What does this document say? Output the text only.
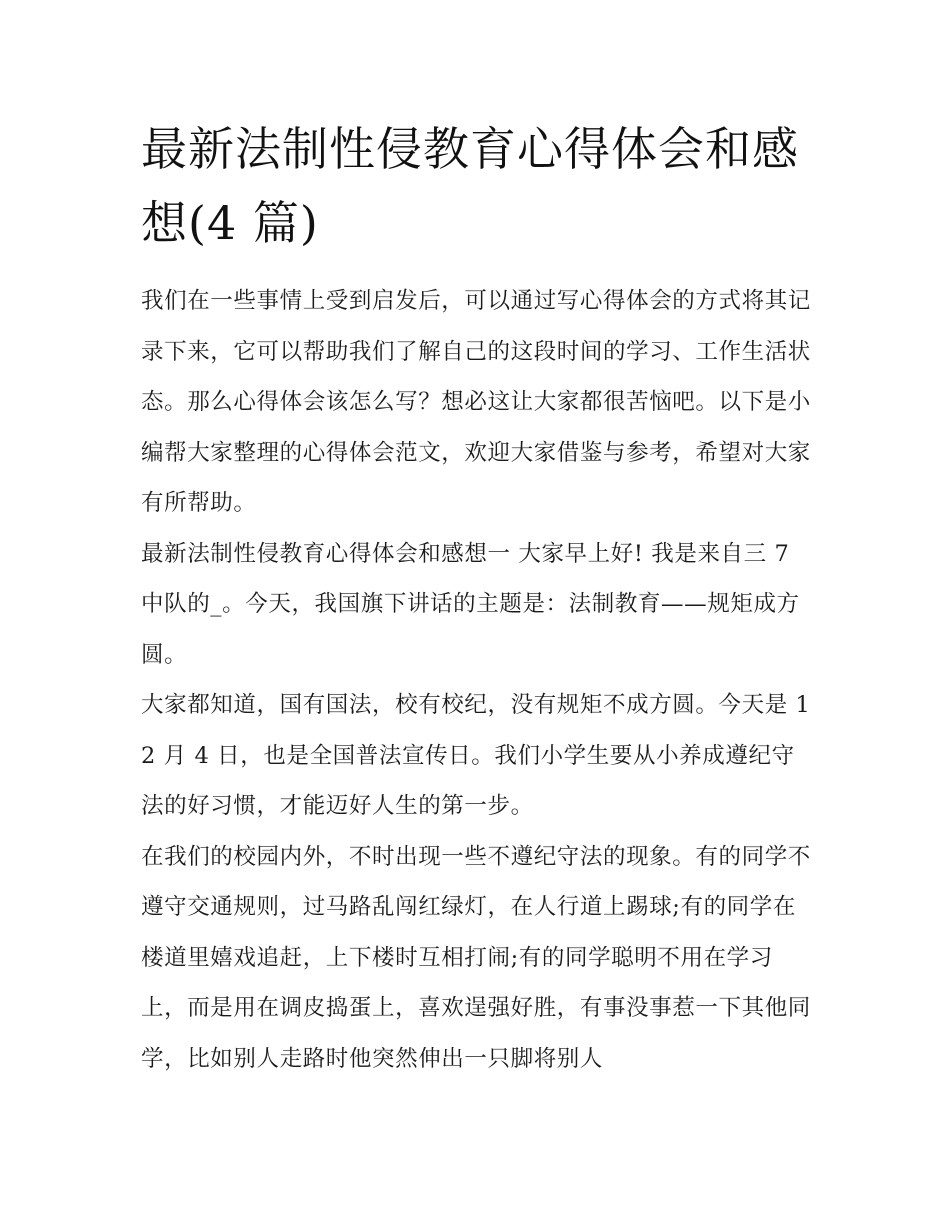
最新法制性侵教育心得体会和感想(4 篇)

我们在一些事情上受到启发后，可以通过写心得体会的方式将其记录下来，它可以帮助我们了解自己的这段时间的学习、工作生活状态。那么心得体会该怎么写？想必这让大家都很苦恼吧。以下是小编帮大家整理的心得体会范文，欢迎大家借鉴与参考，希望对大家有所帮助。

最新法制性侵教育心得体会和感想一 大家早上好! 我是来自三 7 中队的_。今天，我国旗下讲话的主题是：法制教育——规矩成方圆。

大家都知道，国有国法，校有校纪，没有规矩不成方圆。今天是 12 月 4 日，也是全国普法宣传日。我们小学生要从小养成遵纪守法的好习惯，才能迈好人生的第一步。

在我们的校园内外，不时出现一些不遵纪守法的现象。有的同学不遵守交通规则，过马路乱闯红绿灯，在人行道上踢球;有的同学在楼道里嬉戏追赶，上下楼时互相打闹;有的同学聪明不用在学习上，而是用在调皮捣蛋上，喜欢逞强好胜，有事没事惹一下其他同学，比如别人走路时他突然伸出一只脚将别人
